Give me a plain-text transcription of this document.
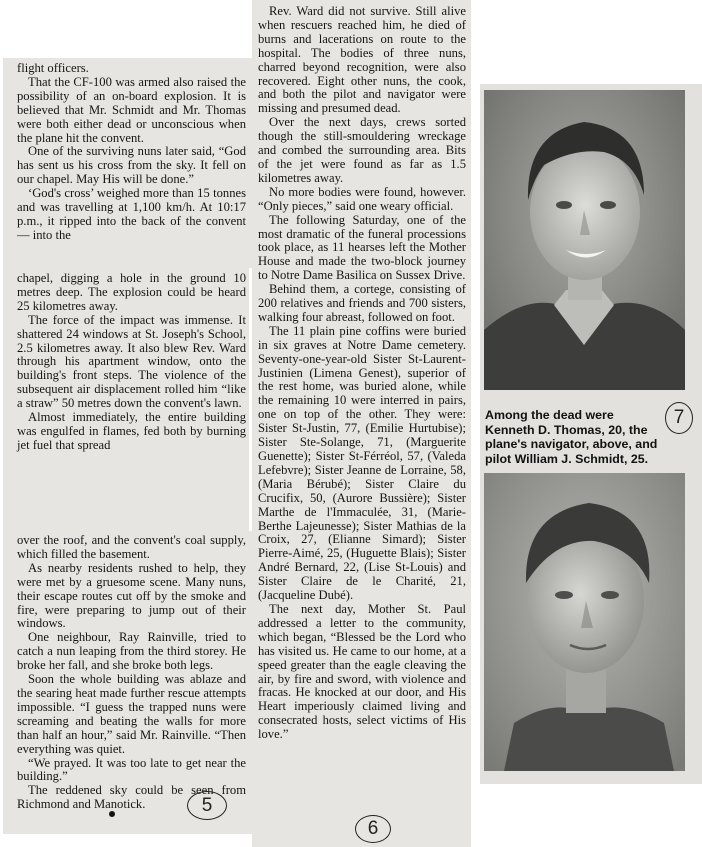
flight officers.

That the CF-100 was armed also raised the possibility of an on-board explosion. It is believed that Mr. Schmidt and Mr. Thomas were both either dead or unconscious when the plane hit the convent.

One of the surviving nuns later said, “God has sent us his cross from the sky. It fell on our chapel. May His will be done.”

‘God's cross’ weighed more than 15 tonnes and was travelling at 1,100 km/h. At 10:17 p.m., it ripped into the back of the convent — into the

chapel, digging a hole in the ground 10 metres deep. The explosion could be heard 25 kilometres away.

The force of the impact was immense. It shattered 24 windows at St. Joseph's School, 2.5 kilometres away. It also blew Rev. Ward through his apartment window, onto the building's front steps. The violence of the subsequent air displacement rolled him “like a straw” 50 metres down the convent's lawn.

Almost immediately, the entire building was engulfed in flames, fed both by burning jet fuel that spread

over the roof, and the convent's coal supply, which filled the basement.

As nearby residents rushed to help, they were met by a gruesome scene. Many nuns, their escape routes cut off by the smoke and fire, were preparing to jump out of their windows.

One neighbour, Ray Rainville, tried to catch a nun leaping from the third storey. He broke her fall, and she broke both legs.

Soon the whole building was ablaze and the searing heat made further rescue attempts impossible. “I guess the trapped nuns were screaming and beating the walls for more than half an hour,” said Mr. Rainville. “Then everything was quiet.

“We prayed. It was too late to get near the building.”

The reddened sky could be seen from Richmond and Manotick.	5

Rev. Ward did not survive. Still alive when rescuers reached him, he died of burns and lacerations on route to the hospital. The bodies of three nuns, charred beyond recognition, were also recovered. Eight other nuns, the cook, and both the pilot and navigator were missing and presumed dead.

Over the next days, crews sorted though the still-smouldering wreckage and combed the surrounding area. Bits of the jet were found as far as 1.5 kilometres away.

No more bodies were found, however. “Only pieces,” said one weary official.

The following Saturday, one of the most dramatic of the funeral processions took place, as 11 hearses left the Mother House and made the two-block journey to Notre Dame Basilica on Sussex Drive.

Behind them, a cortege, consisting of 200 relatives and friends and 700 sisters, walking four abreast, followed on foot.

The 11 plain pine coffins were buried in six graves at Notre Dame cemetery. Seventy-one-year-old Sister St-Laurent-Justinien (Limena Genest), superior of the rest home, was buried alone, while the remaining 10 were interred in pairs, one on top of the other. They were: Sister St-Justin, 77, (Emilie Hurtubise); Sister Ste-Solange, 71, (Marguerite Guenette); Sister St-Férréol, 57, (Valeda Lefebvre); Sister Jeanne de Lorraine, 58, (Maria Bérubé); Sister Claire du Crucifix, 50, (Aurore Bussière); Sister Marthe de l'Immaculée, 31, (Marie-Berthe Lajeunesse); Sister Mathias de la Croix, 27, (Elianne Simard); Sister Pierre-Aimé, 25, (Huguette Blais); Sister André Bernard, 22, (Lise St-Louis) and Sister Claire de le Charité, 21, (Jacqueline Dubé).

The next day, Mother St. Paul addressed a letter to the community, which began, “Blessed be the Lord who has visited us. He came to our home, at a speed greater than the eagle cleaving the air, by fire and sword, with violence and fracas. He knocked at our door, and His Heart imperiously claimed living and consecrated hosts, select victims of His love.”

6
Among the dead were Kenneth D. Thomas, 20, the plane's navigator, above, and pilot William J. Schmidt, 25.
7
